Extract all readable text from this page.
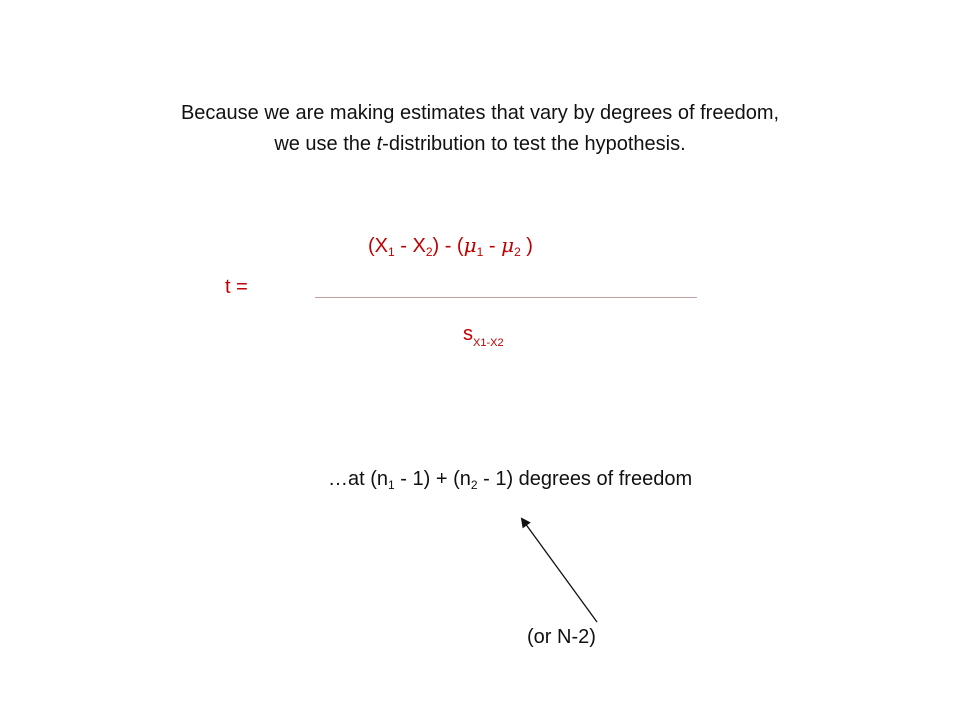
Because we are making estimates that vary by degrees of freedom,
we use the t-distribution to test the hypothesis.
$(X_1 - X_2) - (\mu_1 - \mu_2$ )
t =
$s_{X1-X2}$
…at $(n_1 - 1) + (n_2 - 1)$ degrees of freedom
(or N-2)
